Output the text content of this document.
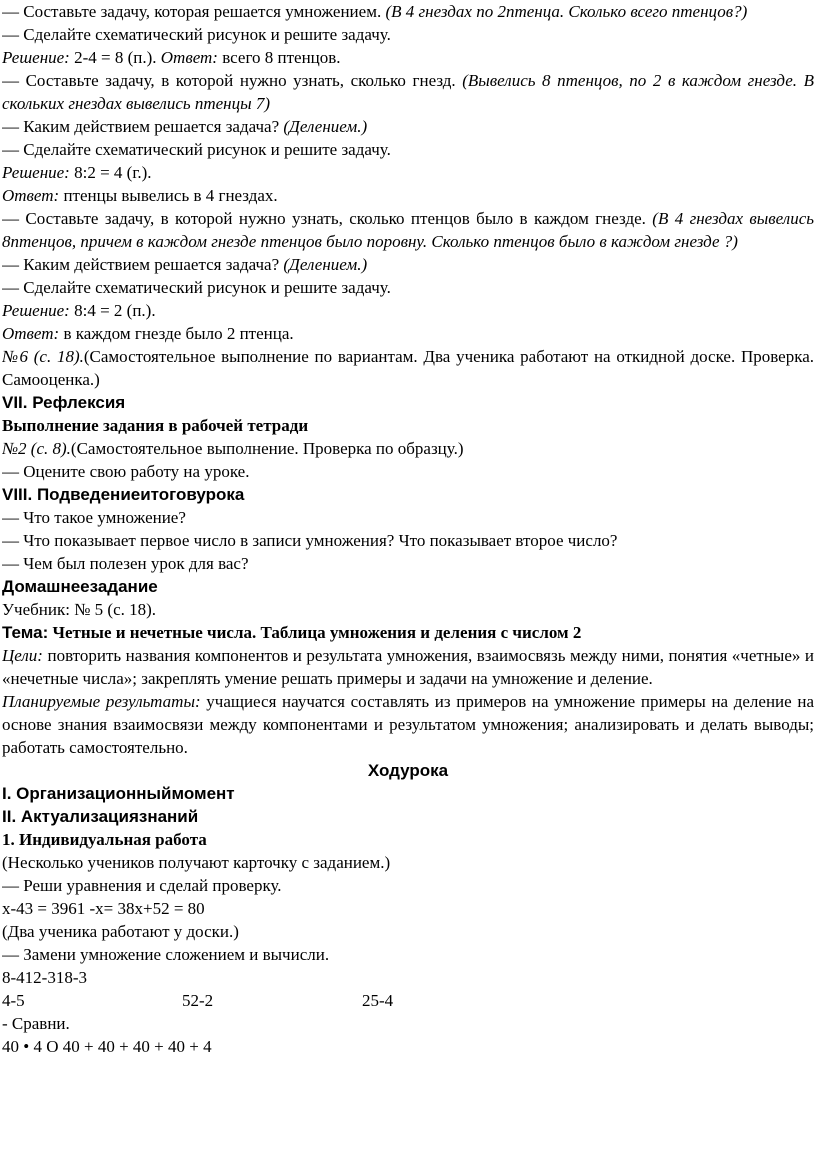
— Составьте задачу, которая решается умножением. (В 4 гнездах по 2птенца. Сколько всего птенцов?)

— Сделайте схематический рисунок и решите задачу.

Решение: 2-4 = 8 (п.). Ответ: всего 8 птенцов.

— Составьте задачу, в которой нужно узнать, сколько гнезд. (Вывелись 8 птенцов, по 2 в каждом гнезде. В скольких гнездах вывелись птенцы 7)

— Каким действием решается задача? (Делением.)

— Сделайте схематический рисунок и решите задачу.

Решение: 8:2 = 4 (г.).

Ответ: птенцы вывелись в 4 гнездах.

— Составьте задачу, в которой нужно узнать, сколько птенцов было в каждом гнезде. (В 4 гнездах вывелись 8птенцов, причем в каждом гнезде птенцов было поровну. Сколько птенцов было в каждом гнезде ?)

— Каким действием решается задача? (Делением.)

— Сделайте схематический рисунок и решите задачу.

Решение: 8:4 = 2 (п.).

Ответ: в каждом гнезде было 2 птенца.

№6 (с. 18).(Самостоятельное выполнение по вариантам. Два ученика работают на откидной доске. Проверка. Самооценка.)

VII. Рефлексия

Выполнение задания в рабочей тетради

№2 (с. 8).(Самостоятельное выполнение. Проверка по образцу.)

— Оцените свою работу на уроке.

VIII. Подведениеитоговурока

— Что такое умножение?

— Что показывает первое число в записи умножения? Что показывает второе число?

— Чем был полезен урок для вас?

Домашнеезадание

Учебник: № 5 (с. 18).

Тема: Четные и нечетные числа. Таблица умножения и деления с числом 2

Цели: повторить названия компонентов и результата умножения, взаимосвязь между ними, понятия «четные» и «нечетные числа»; закреплять умение решать примеры и задачи на умножение и деление.

Планируемые результаты: учащиеся научатся составлять из примеров на умножение примеры на деление на основе знания взаимосвязи между компонентами и результатом умножения; анализировать и делать выводы; работать самостоятельно.

Ходурока

I. Организационныймомент

II. Актуализациязнаний

1. Индивидуальная работа

(Несколько учеников получают карточку с заданием.)

— Реши уравнения и сделай проверку.

х-43 = 3961 -х= 38х+52 = 80

(Два ученика работают у доски.)

— Замени умножение сложением и вычисли.

8-412-318-3

4-5	52-2	25-4

- Сравни.

40 • 4 О 40 + 40 + 40 + 40 + 4
